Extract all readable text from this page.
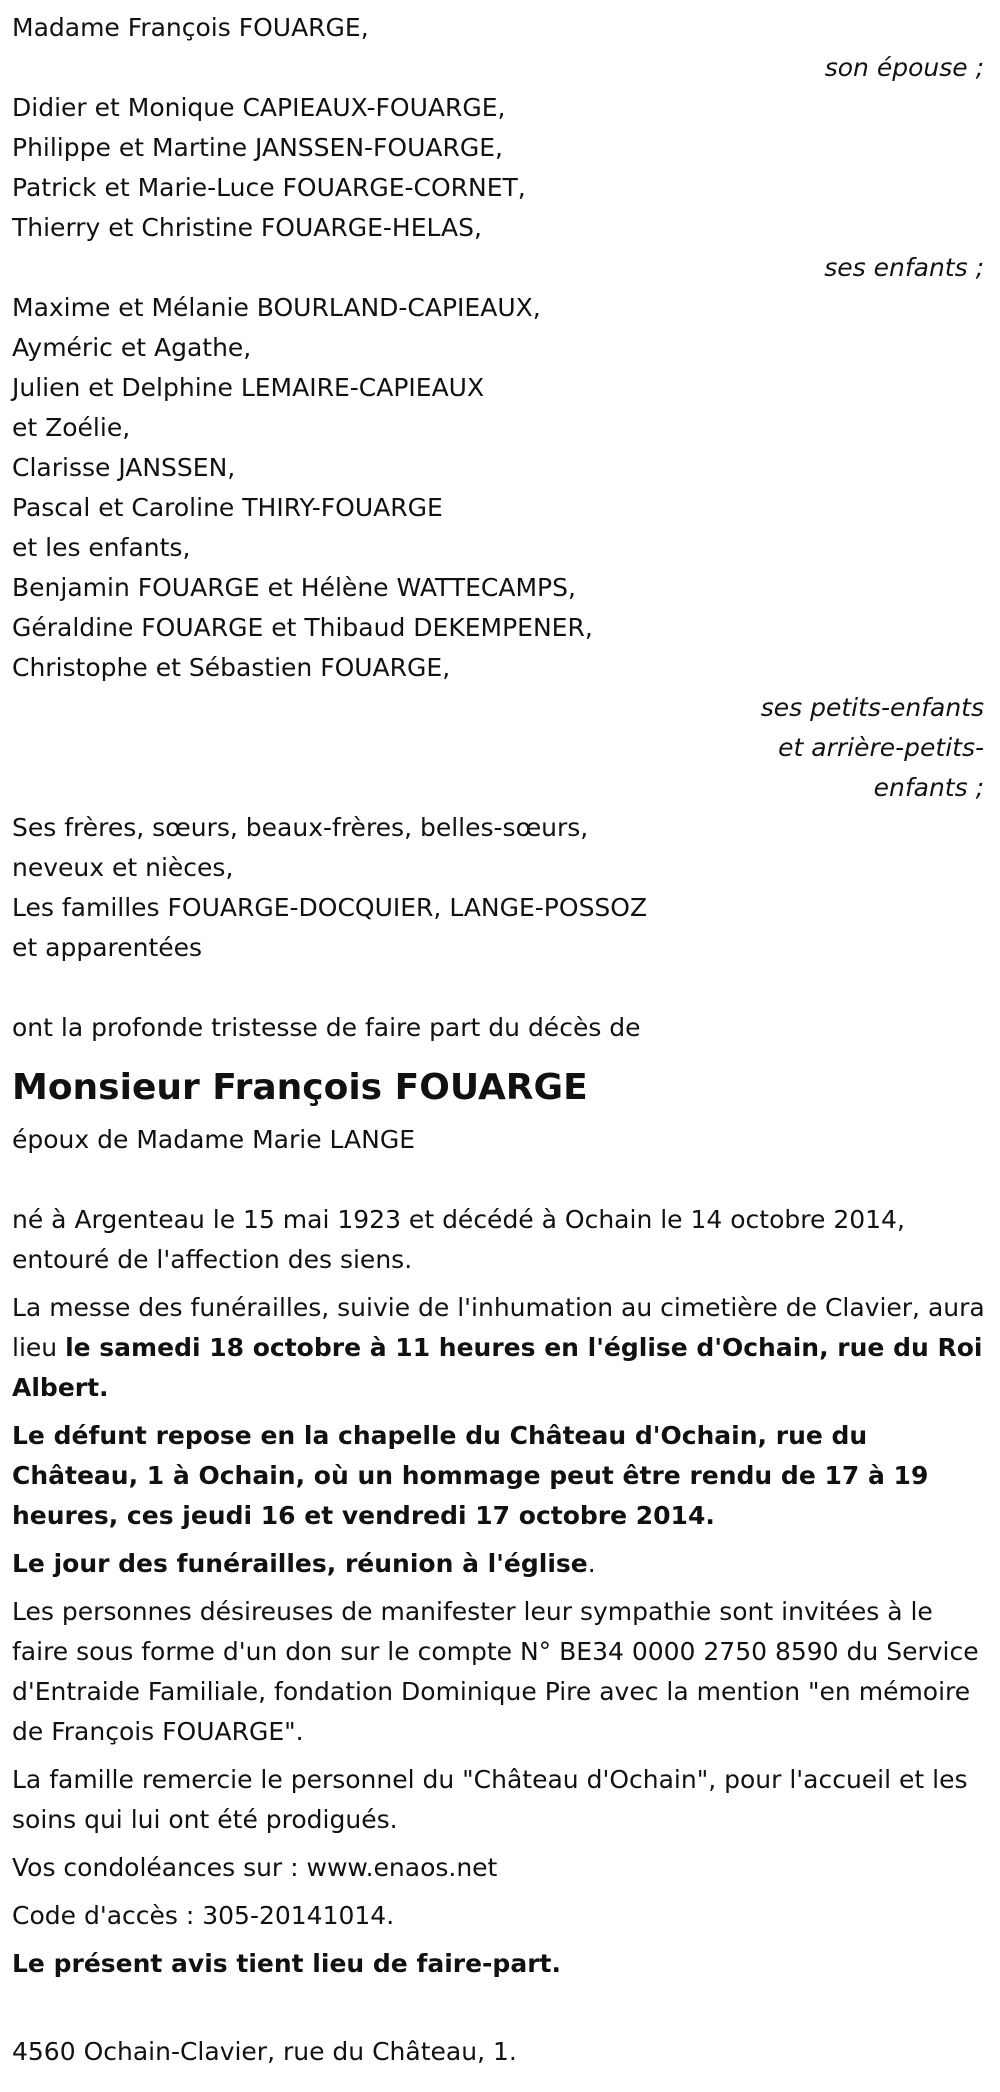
Madame François FOUARGE,
son épouse ;
Didier et Monique CAPIEAUX-FOUARGE,
Philippe et Martine JANSSEN-FOUARGE,
Patrick et Marie-Luce FOUARGE-CORNET,
Thierry et Christine FOUARGE-HELAS,
ses enfants ;
Maxime et Mélanie BOURLAND-CAPIEAUX,
Ayméric et Agathe,
Julien et Delphine LEMAIRE-CAPIEAUX
et Zoélie,
Clarisse JANSSEN,
Pascal et Caroline THIRY-FOUARGE
et les enfants,
Benjamin FOUARGE et Hélène WATTECAMPS,
Géraldine FOUARGE et Thibaud DEKEMPENER,
Christophe et Sébastien FOUARGE,
ses petits-enfants
et arrière-petits-
enfants ;
Ses frères, sœurs, beaux-frères, belles-sœurs,
neveux et nièces,
Les familles FOUARGE-DOCQUIER, LANGE-POSSOZ
et apparentées
ont la profonde tristesse de faire part du décès de
Monsieur François FOUARGE
époux de Madame Marie LANGE

né à Argenteau le 15 mai 1923 et décédé à Ochain le 14 octobre 2014, entouré de l'affection des siens.

La messe des funérailles, suivie de l'inhumation au cimetière de Clavier, aura lieu le samedi 18 octobre à 11 heures en l'église d'Ochain, rue du Roi Albert.

Le défunt repose en la chapelle du Château d'Ochain, rue du Château, 1 à Ochain, où un hommage peut être rendu de 17 à 19 heures, ces jeudi 16 et vendredi 17 octobre 2014.

Le jour des funérailles, réunion à l'église.

Les personnes désireuses de manifester leur sympathie sont invitées à le faire sous forme d'un don sur le compte N° BE34 0000 2750 8590 du Service d'Entraide Familiale, fondation Dominique Pire avec la mention "en mémoire de François FOUARGE".

La famille remercie le personnel du "Château d'Ochain", pour l'accueil et les soins qui lui ont été prodigués.

Vos condoléances sur : www.enaos.net

Code d'accès : 305-20141014.

Le présent avis tient lieu de faire-part.

4560 Ochain-Clavier, rue du Château, 1.
